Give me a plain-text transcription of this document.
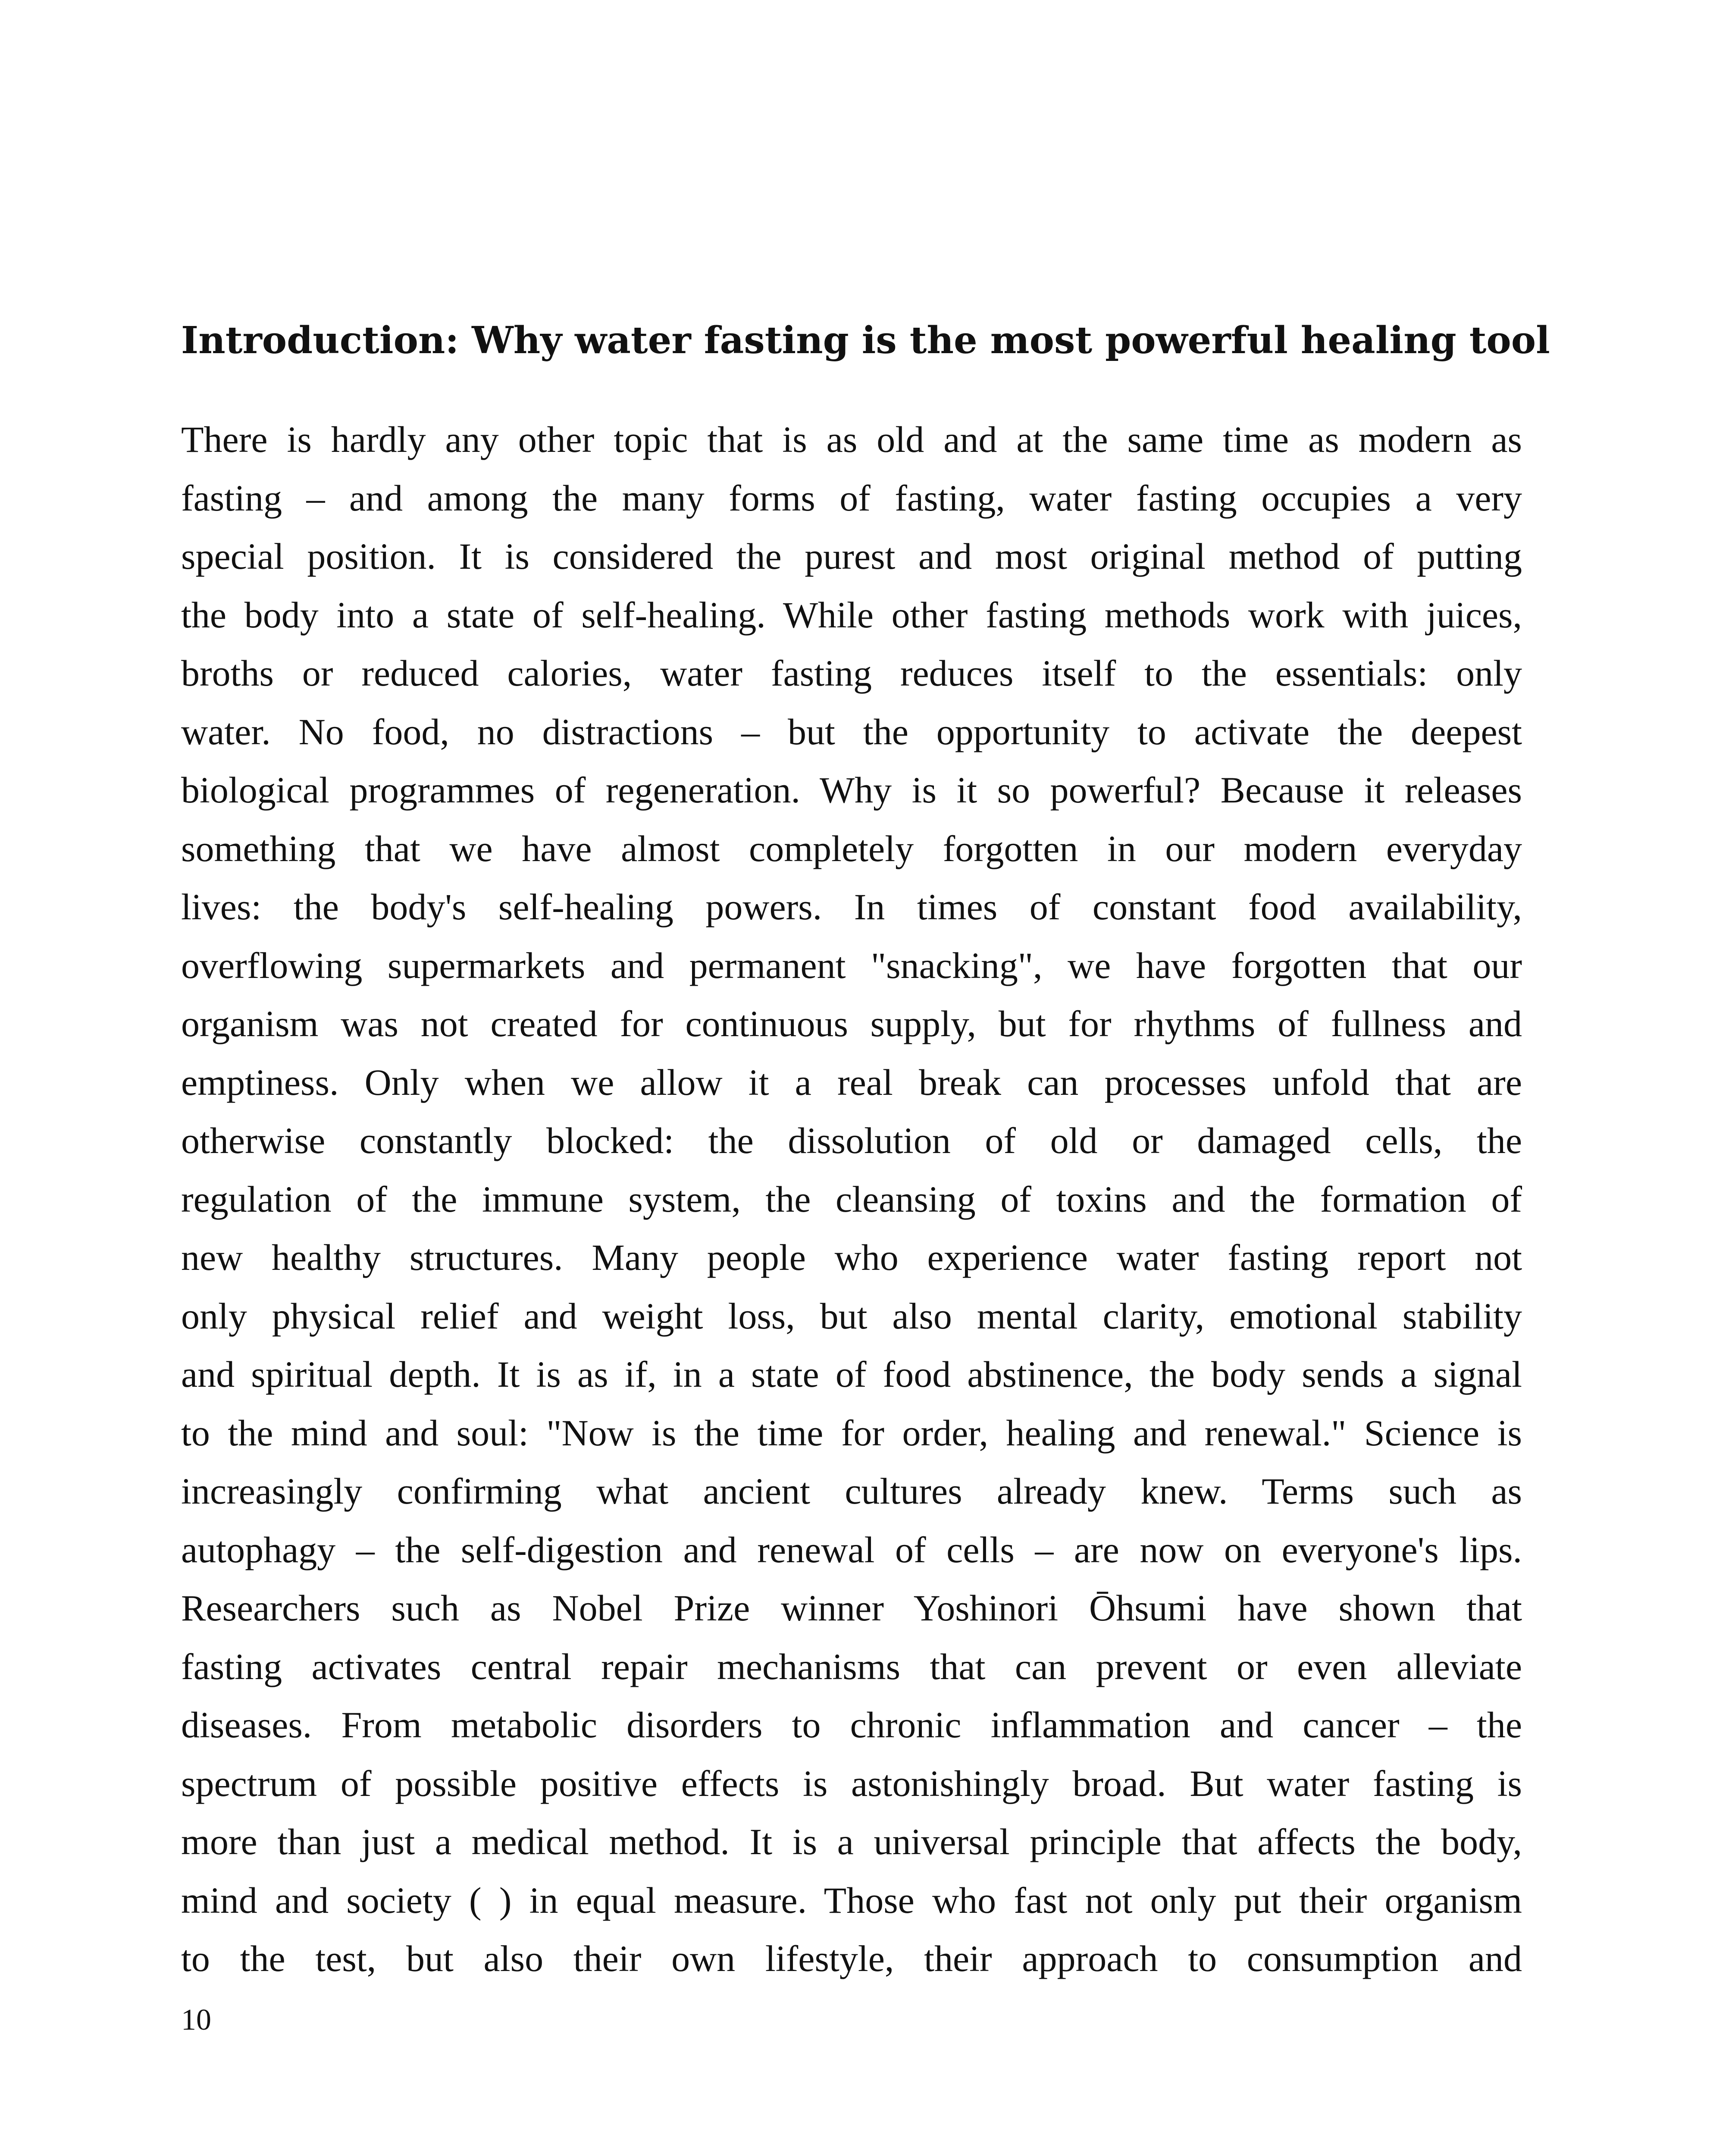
Introduction: Why water fasting is the most powerful healing tool
There is hardly any other topic that is as old and at the same time as modern as
fasting – and among the many forms of fasting, water fasting occupies a very
special position. It is considered the purest and most original method of putting
the body into a state of self-healing. While other fasting methods work with juices,
broths or reduced calories, water fasting reduces itself to the essentials: only
water. No food, no distractions – but the opportunity to activate the deepest
biological programmes of regeneration. Why is it so powerful? Because it releases
something that we have almost completely forgotten in our modern everyday
lives: the body's self-healing powers. In times of constant food availability,
overflowing supermarkets and permanent "snacking", we have forgotten that our
organism was not created for continuous supply, but for rhythms of fullness and
emptiness. Only when we allow it a real break can processes unfold that are
otherwise constantly blocked: the dissolution of old or damaged cells, the
regulation of the immune system, the cleansing of toxins and the formation of
new healthy structures. Many people who experience water fasting report not
only physical relief and weight loss, but also mental clarity, emotional stability
and spiritual depth. It is as if, in a state of food abstinence, the body sends a signal
to the mind and soul: "Now is the time for order, healing and renewal." Science is
increasingly confirming what ancient cultures already knew. Terms such as
autophagy – the self-digestion and renewal of cells – are now on everyone's lips.
Researchers such as Nobel Prize winner Yoshinori Ōhsumi have shown that
fasting activates central repair mechanisms that can prevent or even alleviate
diseases. From metabolic disorders to chronic inflammation and cancer – the
spectrum of possible positive effects is astonishingly broad. But water fasting is
more than just a medical method. It is a universal principle that affects the body,
mind and society ( ) in equal measure. Those who fast not only put their organism
to the test, but also their own lifestyle, their approach to consumption and
10
